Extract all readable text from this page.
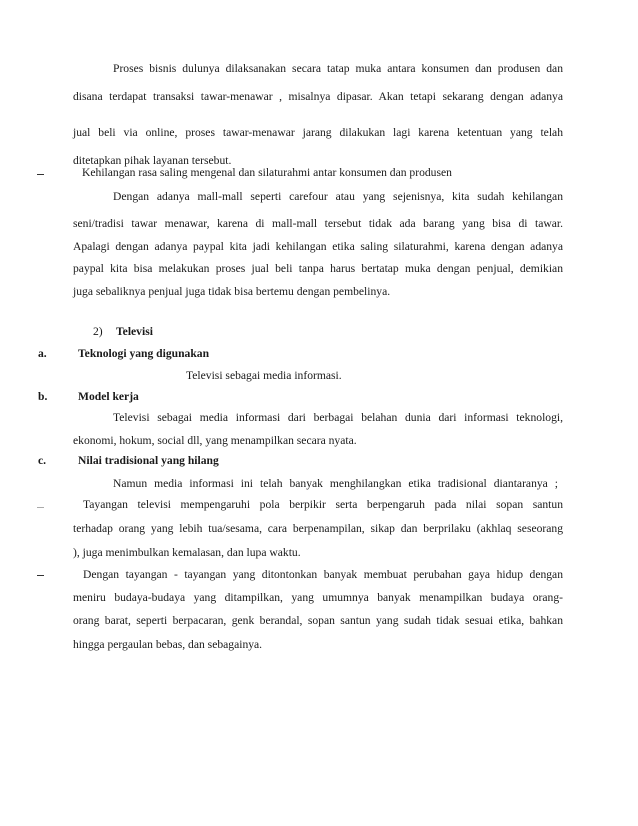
Proses bisnis dulunya dilaksanakan secara tatap muka antara konsumen dan produsen dan
disana terdapat transaksi tawar-menawar , misalnya dipasar. Akan tetapi sekarang dengan adanya
jual beli via online, proses tawar-menawar jarang dilakukan lagi karena ketentuan yang telah
ditetapkan pihak layanan tersebut.
Kehilangan rasa saling mengenal dan silaturahmi antar konsumen dan produsen
Dengan adanya mall-mall seperti carefour atau yang sejenisnya, kita sudah kehilangan
seni/tradisi tawar menawar, karena di mall-mall tersebut tidak ada barang yang bisa di tawar.
Apalagi dengan adanya paypal kita jadi kehilangan etika saling silaturahmi, karena dengan adanya
paypal kita bisa melakukan proses jual beli tanpa harus bertatap muka dengan penjual, demikian
juga sebaliknya penjual juga tidak bisa bertemu dengan pembelinya.
2) Televisi
a.	Teknologi yang digunakan
Televisi sebagai media informasi.
b.	Model kerja
Televisi sebagai media informasi dari berbagai belahan dunia dari informasi teknologi,
ekonomi, hokum, social dll, yang menampilkan secara nyata.
c.	Nilai tradisional yang hilang
Namun media informasi ini telah banyak menghilangkan etika tradisional diantaranya ;
Tayangan televisi mempengaruhi pola berpikir serta berpengaruh pada nilai sopan santun
terhadap orang yang lebih tua/sesama, cara berpenampilan, sikap dan berprilaku (akhlaq seseorang
), juga menimbulkan kemalasan, dan lupa waktu.
Dengan tayangan - tayangan yang ditontonkan banyak membuat perubahan gaya hidup dengan
meniru budaya-budaya yang ditampilkan, yang umumnya banyak menampilkan budaya orang-
orang barat, seperti berpacaran, genk berandal, sopan santun yang sudah tidak sesuai etika, bahkan
hingga pergaulan bebas, dan sebagainya.
